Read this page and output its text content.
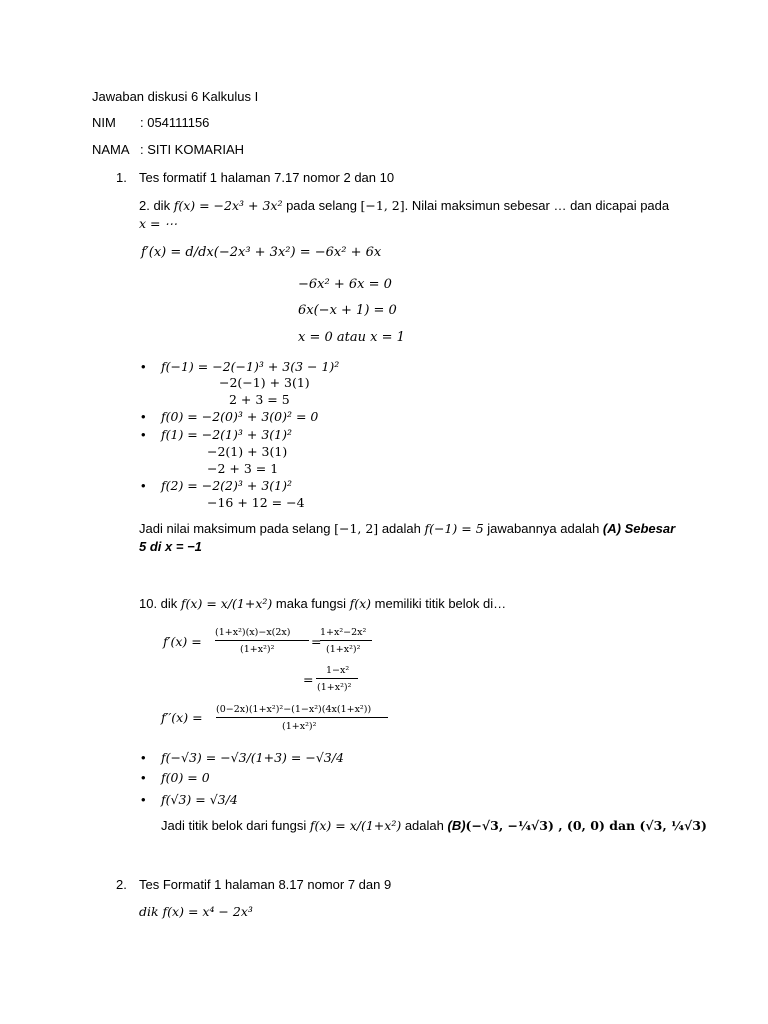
Jawaban diskusi 6 Kalkulus I
NIM : 054111156
NAMA : SITI KOMARIAH
1. Tes formatif 1 halaman 7.17 nomor 2 dan 10
2. dik f(x) = −2x³ + 3x² pada selang [−1, 2]. Nilai maksimun sebesar … dan dicapai pada
x = ⋯
f′(x) = d/dx(−2x³ + 3x²) = −6x² + 6x
−6x² + 6x = 0
6x(−x + 1) = 0
x = 0 atau x = 1
• f(−1) = −2(−1)³ + 3(3 − 1)²
−2(−1) + 3(1)
2 + 3 = 5
• f(0) = −2(0)³ + 3(0)² = 0
• f(1) = −2(1)³ + 3(1)²
−2(1) + 3(1)
−2 + 3 = 1
• f(2) = −2(2)³ + 3(1)²
−16 + 12 = −4
Jadi nilai maksimum pada selang [−1, 2] adalah f(−1) = 5 jawabannya adalah (A) Sebesar
5 di x = −1
10. dik f(x) = x/(1+x²) maka fungsi f(x) memiliki titik belok di…
f′(x) =
(1+x²)(x)−x(2x)
(1+x²)²
=
1+x²−2x²
(1+x²)²
=
1−x²
(1+x²)²
f′′(x) =
(0−2x)(1+x²)²−(1−x²)(4x(1+x²))
(1+x²)²
• f(−√3) = −√3/(1+3) = −√3/4
• f(0) = 0
• f(√3) = √3/4
Jadi titik belok dari fungsi f(x) = x/(1+x²) adalah (B)(−√3, −¼√3) , (0, 0) dan (√3, ¼√3)
2. Tes Formatif 1 halaman 8.17 nomor 7 dan 9
dik f(x) = x⁴ − 2x³
